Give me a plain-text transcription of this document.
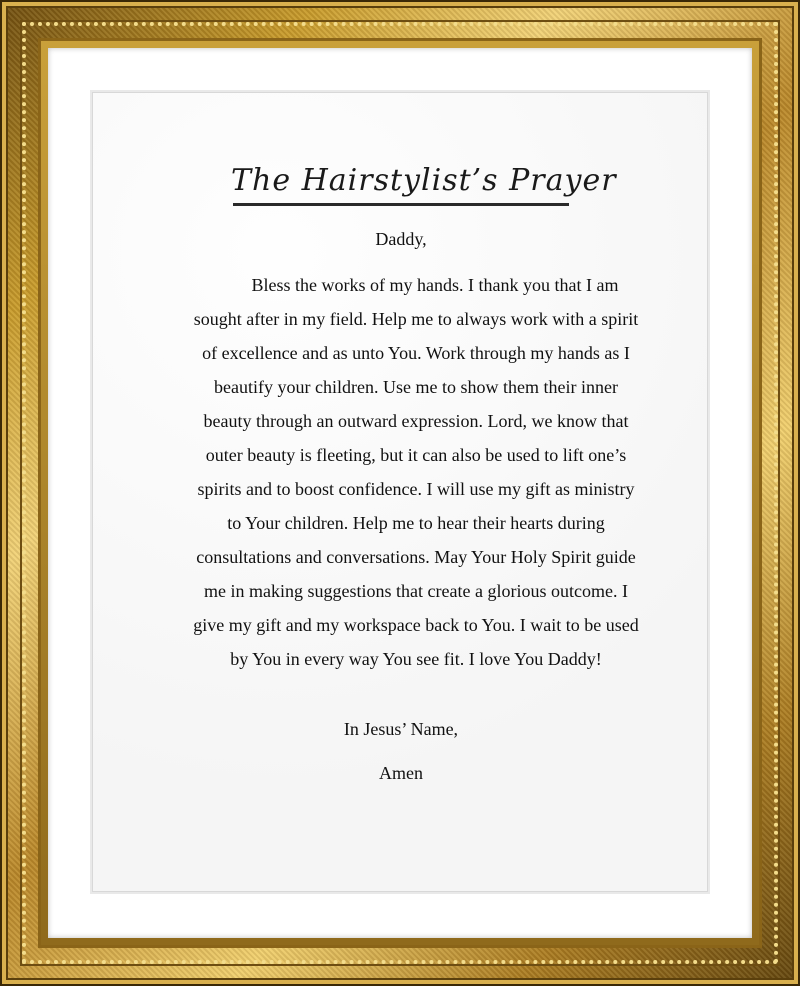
The Hairstylist’s Prayer
Daddy,
Bless the works of my hands. I thank you that I am sought after in my field. Help me to always work with a spirit of excellence and as unto You. Work through my hands as I beautify your children. Use me to show them their inner beauty through an outward expression. Lord, we know that outer beauty is fleeting, but it can also be used to lift one’s spirits and to boost confidence. I will use my gift as ministry to Your children. Help me to hear their hearts during consultations and conversations. May Your Holy Spirit guide me in making suggestions that create a glorious outcome. I give my gift and my workspace back to You. I wait to be used by You in every way You see fit. I love You Daddy!
In Jesus’ Name,
Amen
